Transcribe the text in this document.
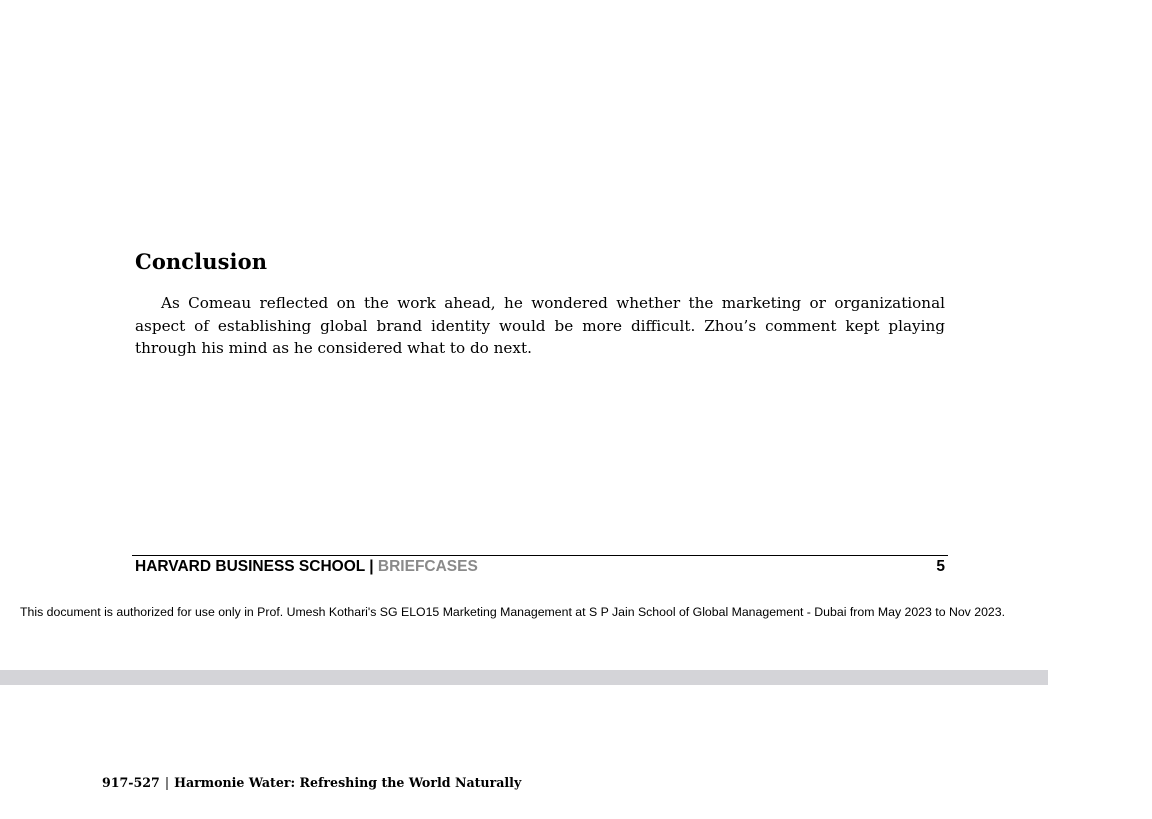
Conclusion

As Comeau reflected on the work ahead, he wondered whether the marketing or organizational aspect of establishing global brand identity would be more difficult. Zhou’s comment kept playing through his mind as he considered what to do next.

HARVARD BUSINESS SCHOOL | BRIEFCASES	5
This document is authorized for use only in Prof. Umesh Kothari's SG ELO15 Marketing Management at S P Jain School of Global Management - Dubai from May 2023 to Nov 2023.
917-527 | Harmonie Water: Refreshing the World Naturally
